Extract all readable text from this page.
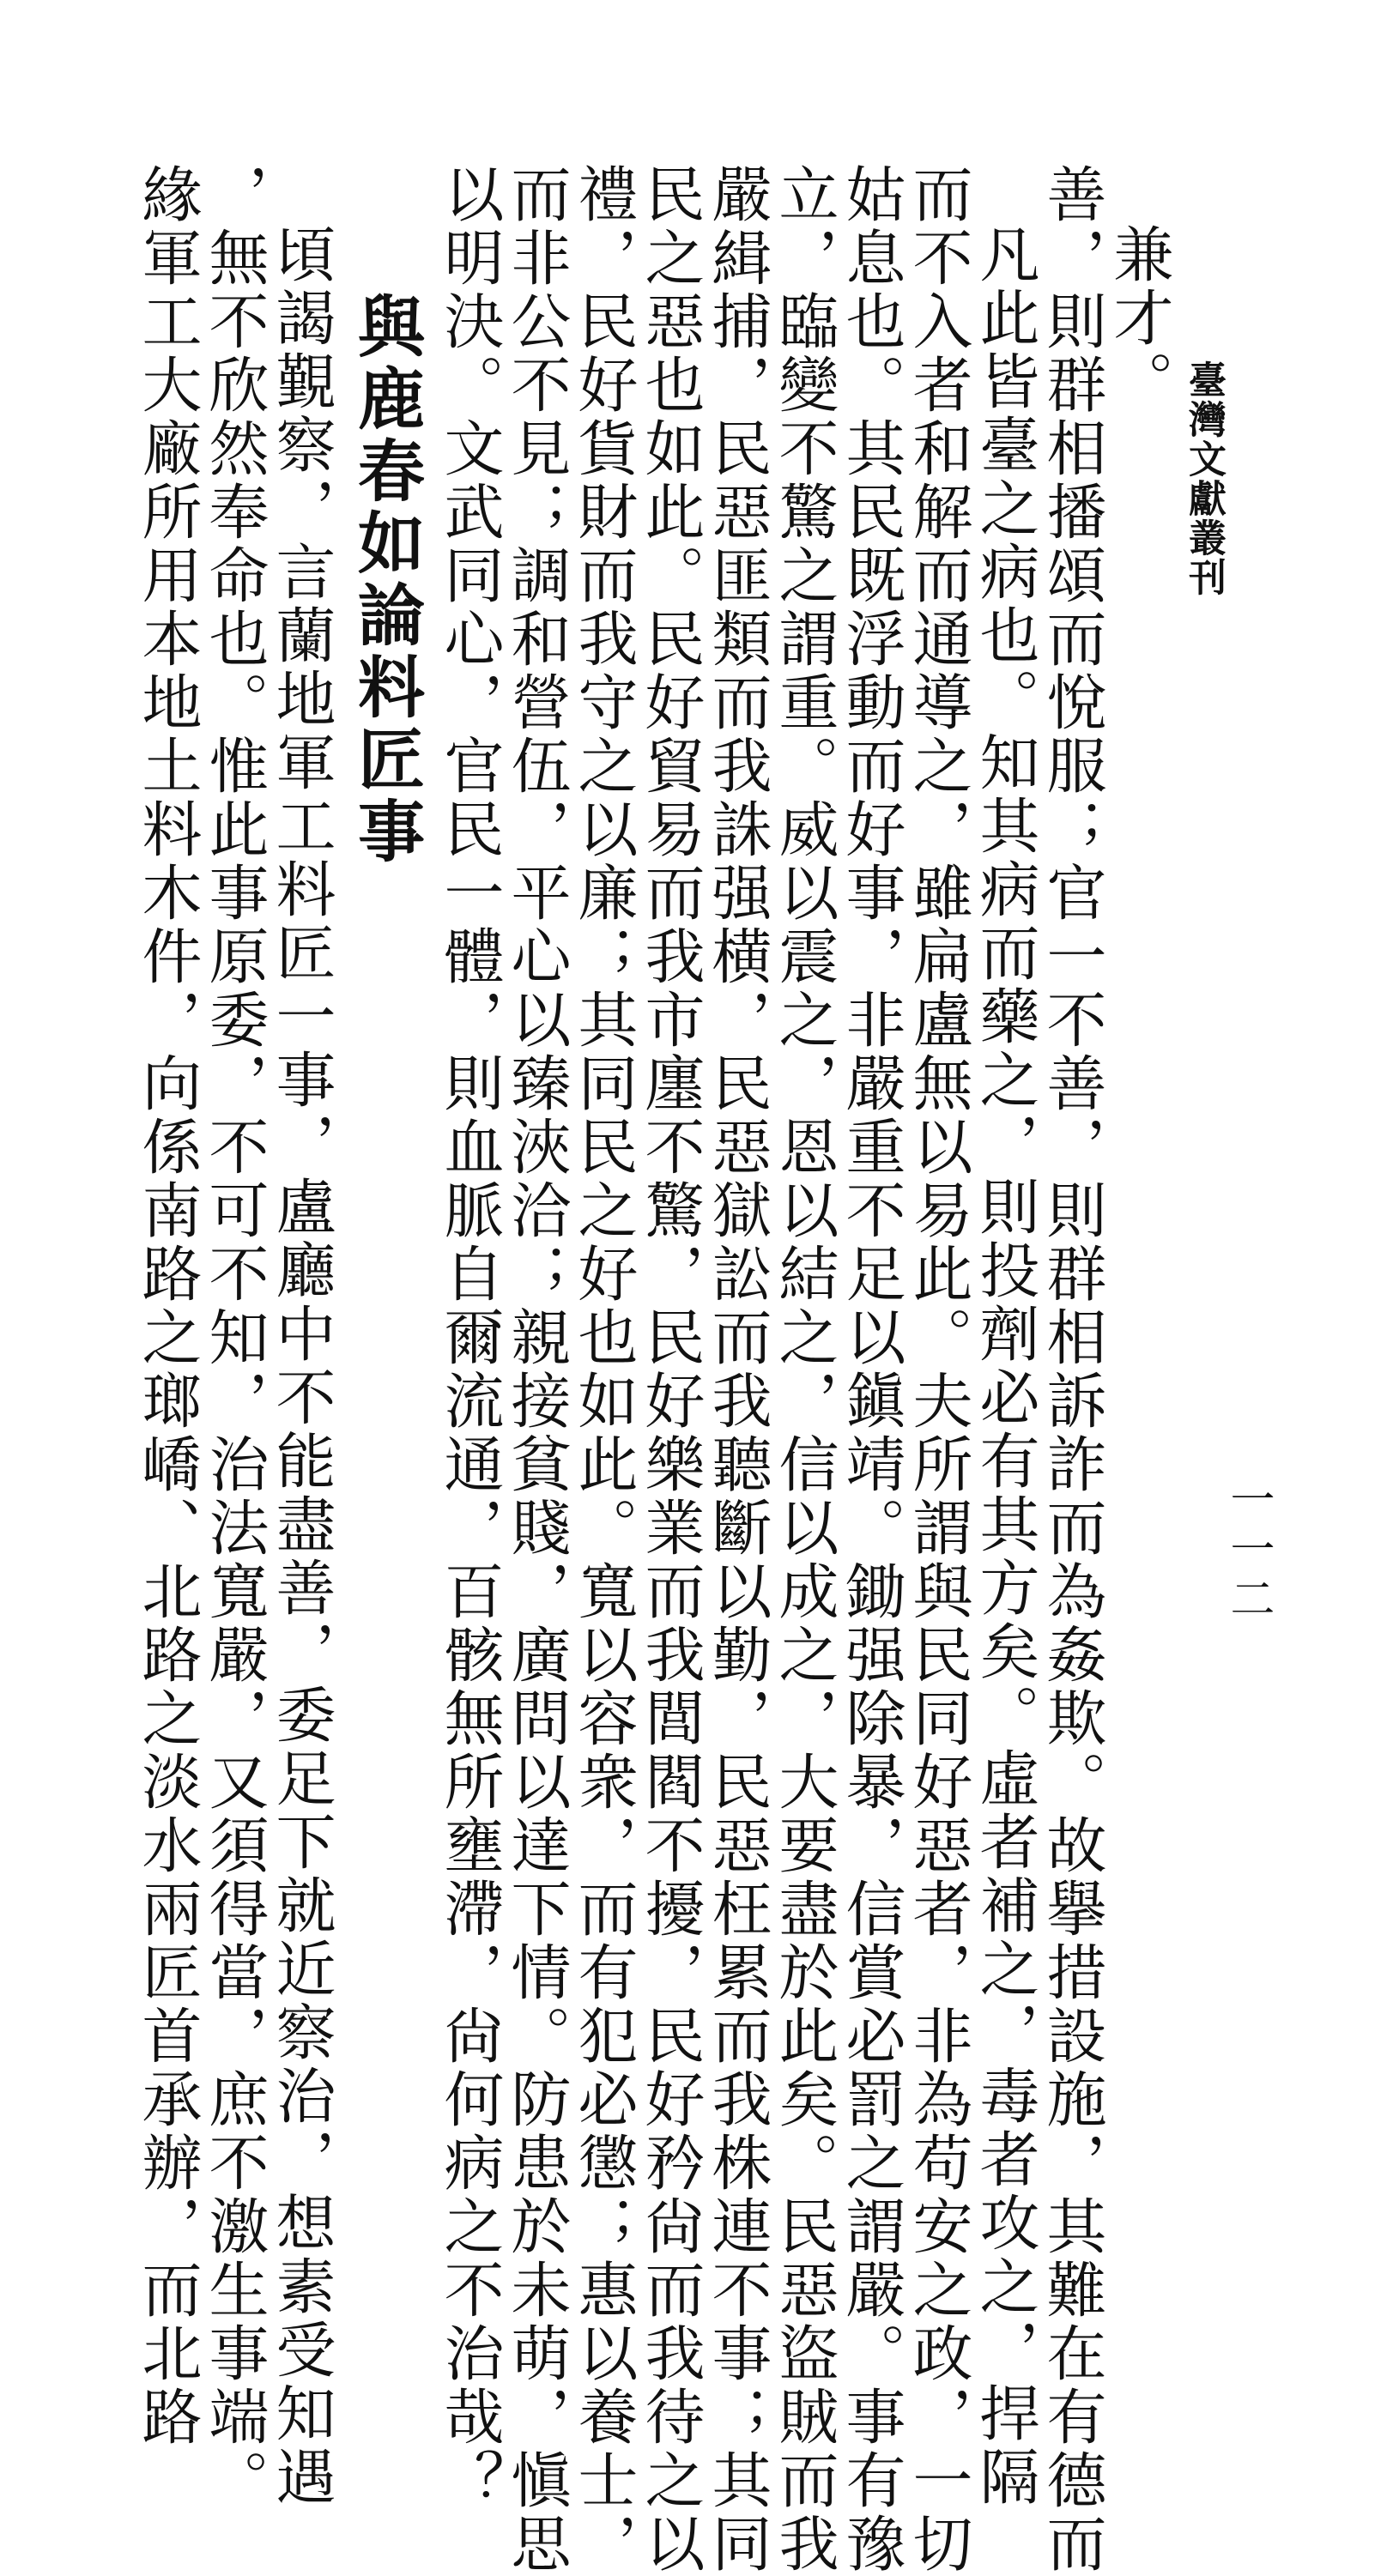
臺灣文獻叢刊
一一二
兼才。
善，則群相播頌而悅服；官一不善，則群相訴詐而為姦欺。故擧措設施，其難在有德而
凡此皆臺之病也。知其病而藥之，則投劑必有其方矣。虛者補之，毒者攻之，捍隔
而不入者和解而通導之，雖扁盧無以易此。夫所謂與民同好惡者，非為苟安之政，一切
姑息也。其民既浮動而好事，非嚴重不足以鎭靖。鋤强除暴，信賞必罰之謂嚴。事有豫
立，臨變不驚之謂重。威以震之，恩以結之，信以成之，大要盡於此矣。民惡盜賊而我
嚴緝捕，民惡匪類而我誅强横，民惡獄訟而我聽斷以勤，民惡枉累而我株連不事；其同
民之惡也如此。民好貿易而我市廛不驚，民好樂業而我閭閻不擾，民好矜尙而我待之以
禮，民好貨財而我守之以廉；其同民之好也如此。寬以容衆，而有犯必懲；惠以養士，
而非公不見；調和營伍，平心以臻浹洽；親接貧賤，廣問以達下情。防患於未萌，愼思
以明決。文武同心，官民一體，則血脈自爾流通，百骸無所壅滯，尙何病之不治哉？
與鹿春如論料匠事
頃謁覲察，言蘭地軍工料匠一事，盧廳中不能盡善，委足下就近察治，想素受知遇
，無不欣然奉命也。惟此事原委，不可不知，治法寬嚴，又須得當，庶不激生事端。
緣軍工大廠所用本地土料木件，向係南路之瑯嶠、北路之淡水兩匠首承辦，而北路
